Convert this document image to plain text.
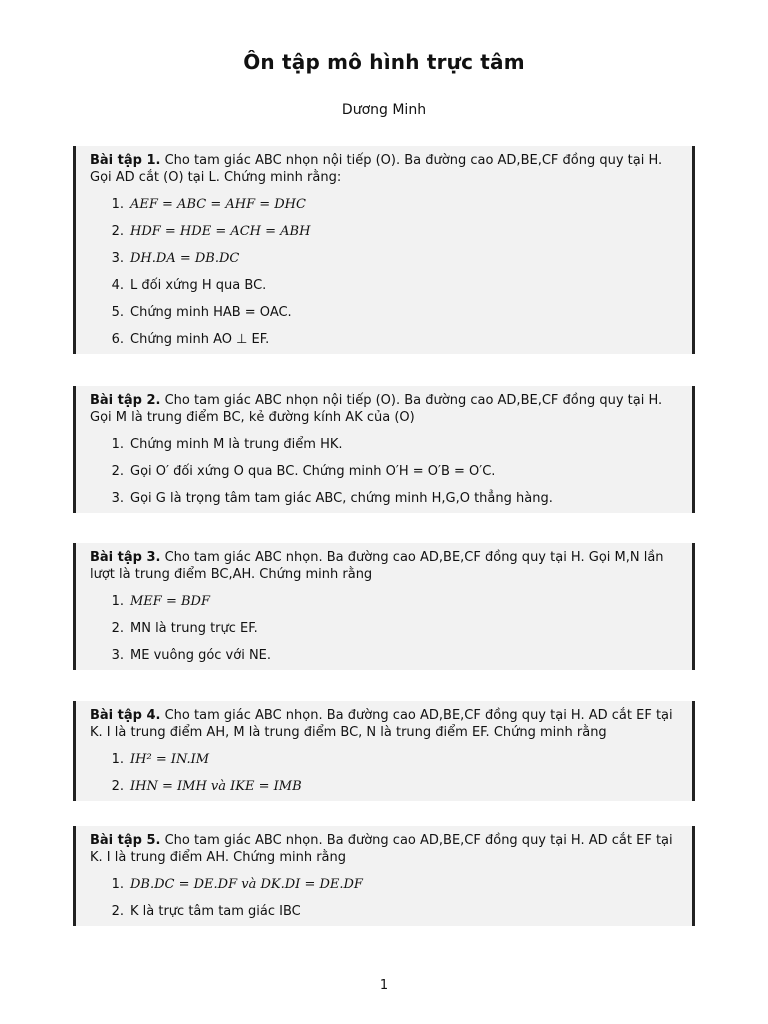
Ôn tập mô hình trực tâm
Dương Minh

Bài tập 1. Cho tam giác ABC nhọn nội tiếp (O). Ba đường cao AD,BE,CF đồng quy tại H. Gọi AD cắt (O) tại L. Chứng minh rằng:

1. AEF = ABC = AHF = DHC
2. HDF = HDE = ACH = ABH
3. DH.DA = DB.DC
4. L đối xứng H qua BC.
5. Chứng minh HAB = OAC.
6. Chứng minh AO ⊥ EF.

Bài tập 2. Cho tam giác ABC nhọn nội tiếp (O). Ba đường cao AD,BE,CF đồng quy tại H. Gọi M là trung điểm BC, kẻ đường kính AK của (O)

1. Chứng minh M là trung điểm HK.
2. Gọi O′ đối xứng O qua BC. Chứng minh O′H = O′B = O′C.
3. Gọi G là trọng tâm tam giác ABC, chứng minh H,G,O thẳng hàng.

Bài tập 3. Cho tam giác ABC nhọn. Ba đường cao AD,BE,CF đồng quy tại H. Gọi M,N lần lượt là trung điểm BC,AH. Chứng minh rằng

1. MEF = BDF
2. MN là trung trực EF.
3. ME vuông góc với NE.

Bài tập 4. Cho tam giác ABC nhọn. Ba đường cao AD,BE,CF đồng quy tại H. AD cắt EF tại K. I là trung điểm AH, M là trung điểm BC, N là trung điểm EF. Chứng minh rằng

1. IH² = IN.IM
2. IHN = IMH và IKE = IMB

Bài tập 5. Cho tam giác ABC nhọn. Ba đường cao AD,BE,CF đồng quy tại H. AD cắt EF tại K. I là trung điểm AH. Chứng minh rằng

1. DB.DC = DE.DF và DK.DI = DE.DF
2. K là trực tâm tam giác IBC
1
